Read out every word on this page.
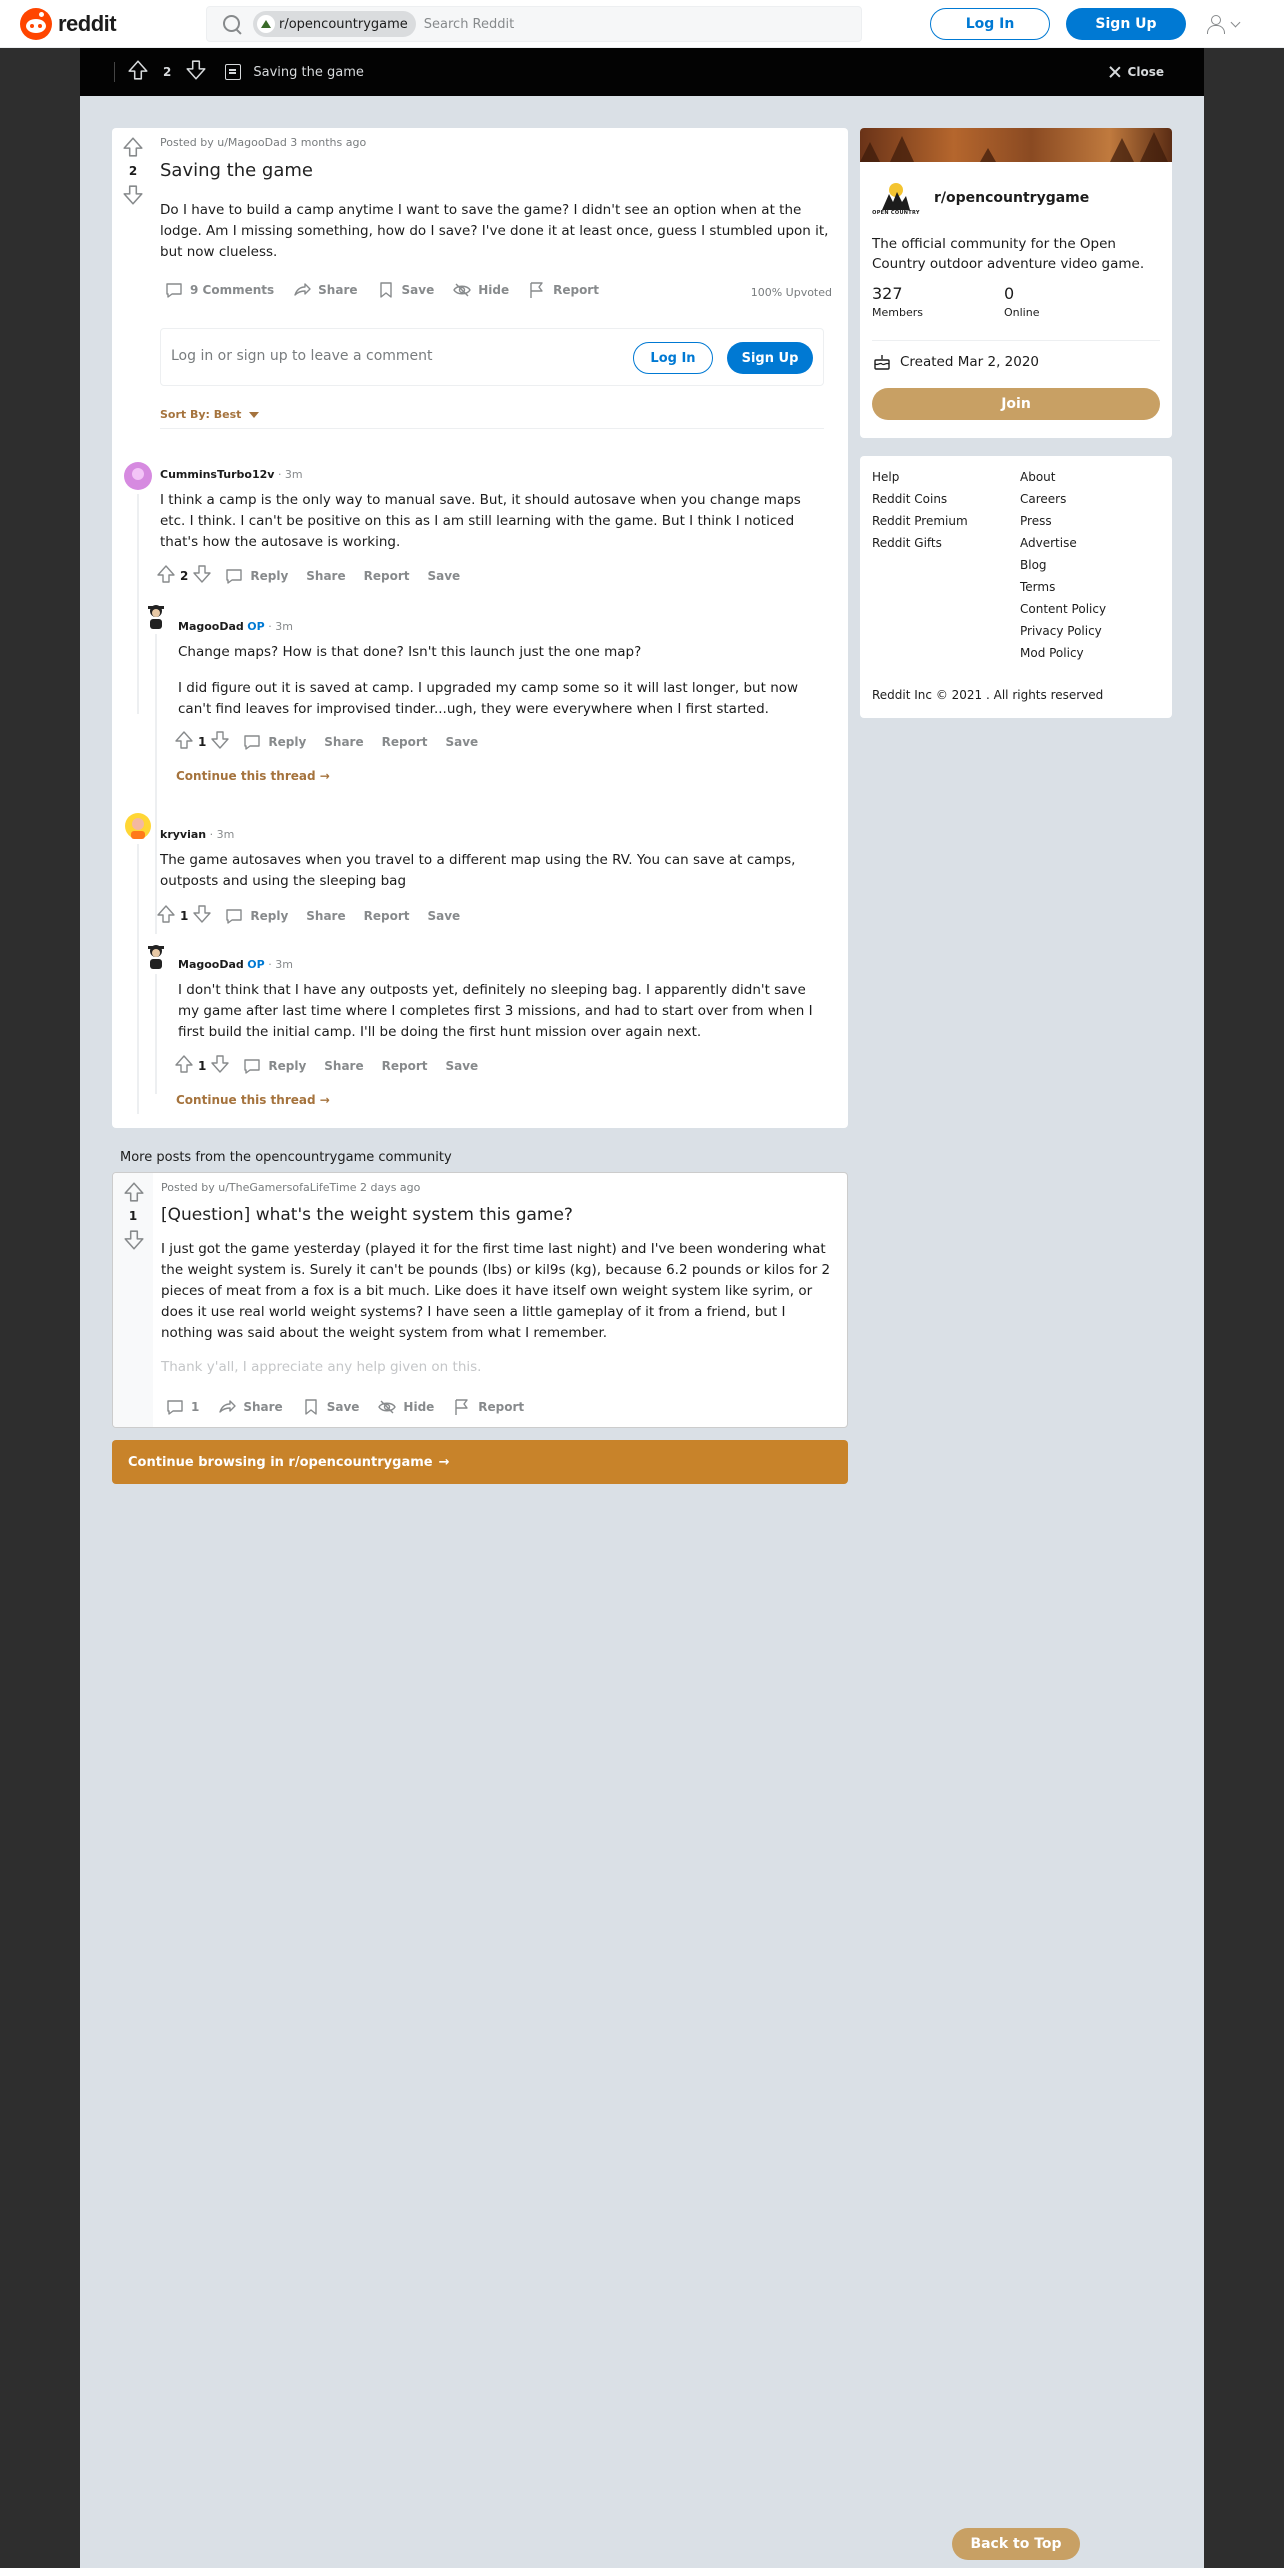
reddit	r/opencountrygame Search Reddit	Log In	Sign Up
2	Saving the game	Close
2
Posted by u/MagooDad 3 months ago
Saving the game
Do I have to build a camp anytime I want to save the game? I didn't see an option when at the lodge. Am I missing something, how do I save? I've done it at least once, guess I stumbled upon it, but now clueless.
9 Comments	Share	Save	Hide	Report	100% Upvoted
Log in or sign up to leave a comment	Log In	Sign Up
Sort By: Best
CumminsTurbo12v · 3m
I think a camp is the only way to manual save. But, it should autosave when you change maps etc. I think. I can't be positive on this as I am still learning with the game. But I think I noticed that's how the autosave is working.
2	Reply Share Report Save
MagooDad OP · 3m
Change maps? How is that done? Isn't this launch just the one map?
I did figure out it is saved at camp. I upgraded my camp some so it will last longer, but now can't find leaves for improvised tinder...ugh, they were everywhere when I first started.
1	Reply Share Report Save
Continue this thread →
kryvian · 3m
The game autosaves when you travel to a different map using the RV. You can save at camps, outposts and using the sleeping bag
1	Reply Share Report Save
MagooDad OP · 3m
I don't think that I have any outposts yet, definitely no sleeping bag. I apparently didn't save my game after last time where I completes first 3 missions, and had to start over from when I first build the initial camp. I'll be doing the first hunt mission over again next.
1	Reply Share Report Save
Continue this thread →
More posts from the opencountrygame community
1
Posted by u/TheGamersofaLifeTime 2 days ago
[Question] what's the weight system this game?
I just got the game yesterday (played it for the first time last night) and I've been wondering what the weight system is. Surely it can't be pounds (lbs) or kil9s (kg), because 6.2 pounds or kilos for 2 pieces of meat from a fox is a bit much. Like does it have itself own weight system like syrim, or does it use real world weight systems? I have seen a little gameplay of it from a friend, but I nothing was said about the weight system from what I remember.
Thank y'all, I appreciate any help given on this.
1	Share	Save	Hide	Report
Continue browsing in r/opencountrygame →
OPEN COUNTRY
r/opencountrygame
The official community for the Open Country outdoor adventure video game.
327
Members
0
Online
Created Mar 2, 2020
Join
Help
Reddit Coins
Reddit Premium
Reddit Gifts
About
Careers
Press
Advertise
Blog
Terms
Content Policy
Privacy Policy
Mod Policy
Reddit Inc © 2021 . All rights reserved
Back to Top
